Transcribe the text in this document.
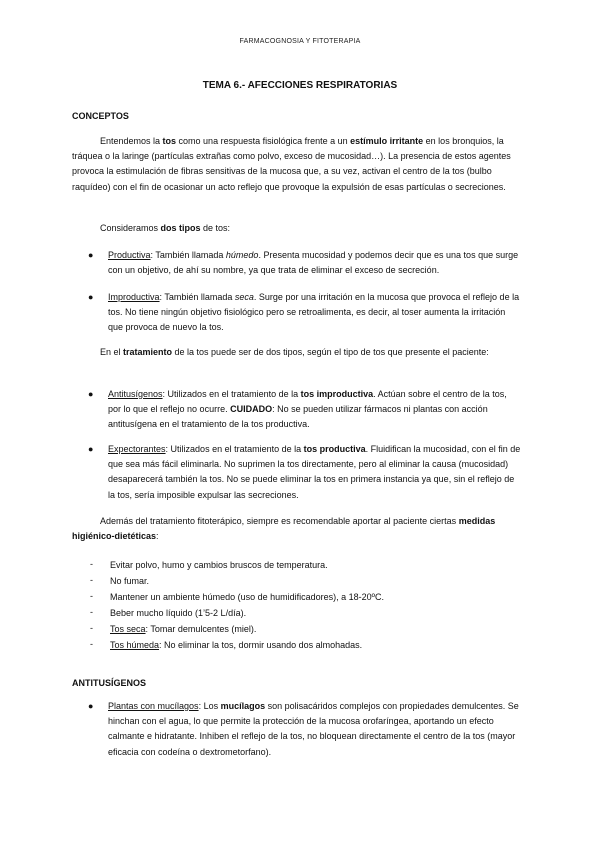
FARMACOGNOSIA Y FITOTERAPIA
TEMA 6.- AFECCIONES RESPIRATORIAS
CONCEPTOS

Entendemos la tos como una respuesta fisiológica frente a un estímulo irritante en los bronquios, la tráquea o la laringe (partículas extrañas como polvo, exceso de mucosidad…). La presencia de estos agentes provoca la estimulación de fibras sensitivas de la mucosa que, a su vez, activan el centro de la tos (bulbo raquídeo) con el fin de ocasionar un acto reflejo que provoque la expulsión de esas partículas o secreciones.

Consideramos dos tipos de tos:

● Productiva: También llamada húmedo. Presenta mucosidad y podemos decir que es una tos que surge con un objetivo, de ahí su nombre, ya que trata de eliminar el exceso de secreción.

● Improductiva: También llamada seca. Surge por una irritación en la mucosa que provoca el reflejo de la tos. No tiene ningún objetivo fisiológico pero se retroalimenta, es decir, al toser aumenta la irritación que provoca de nuevo la tos.

En el tratamiento de la tos puede ser de dos tipos, según el tipo de tos que presente el paciente:

● Antitusígenos: Utilizados en el tratamiento de la tos improductiva. Actúan sobre el centro de la tos, por lo que el reflejo no ocurre. CUIDADO: No se pueden utilizar fármacos ni plantas con acción antitusígena en el tratamiento de la tos productiva.

● Expectorantes: Utilizados en el tratamiento de la tos productiva. Fluidifican la mucosidad, con el fin de que sea más fácil eliminarla. No suprimen la tos directamente, pero al eliminar la causa (mucosidad) desaparecerá también la tos. No se puede eliminar la tos en primera instancia ya que, sin el reflejo de la tos, sería imposible expulsar las secreciones.

Además del tratamiento fitoterápico, siempre es recomendable aportar al paciente ciertas medidas higiénico-dietéticas:

- Evitar polvo, humo y cambios bruscos de temperatura.

- No fumar.

- Mantener un ambiente húmedo (uso de humidificadores), a 18-20ºC.

- Beber mucho líquido (1’5-2 L/día).

- Tos seca: Tomar demulcentes (miel).

- Tos húmeda: No eliminar la tos, dormir usando dos almohadas.

ANTITUSÍGENOS
● Plantas con mucílagos: Los mucílagos son polisacáridos complejos con propiedades demulcentes. Se hinchan con el agua, lo que permite la protección de la mucosa orofaríngea, aportando un efecto calmante e hidratante. Inhiben el reflejo de la tos, no bloquean directamente el centro de la tos (mayor eficacia con codeína o dextrometorfano).
